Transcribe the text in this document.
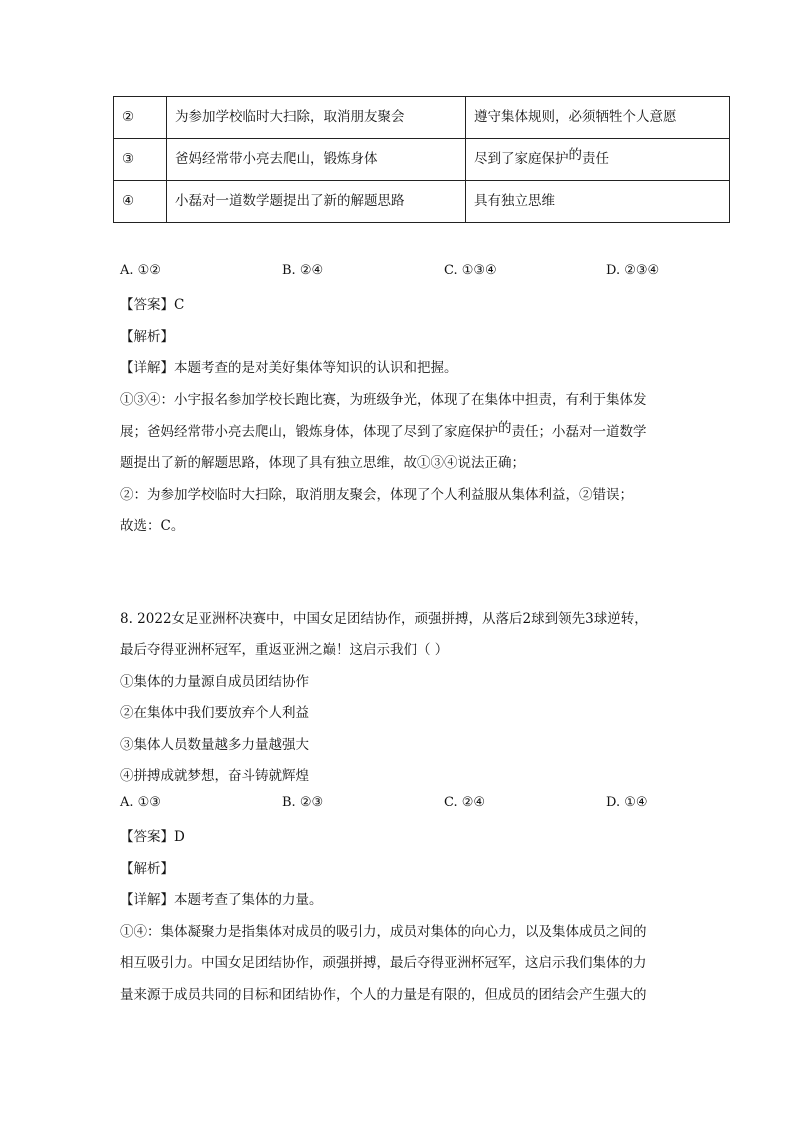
②	为参加学校临时大扫除，取消朋友聚会	遵守集体规则，必须牺牲个人意愿
③	爸妈经常带小亮去爬山，锻炼身体	尽到了家庭保护的责任
④	小磊对一道数学题提出了新的解题思路	具有独立思维
A. ①②	B. ②④	C. ①③④	D. ②③④
【答案】C
【解析】
【详解】本题考查的是对美好集体等知识的认识和把握。
①③④：小宇报名参加学校长跑比赛，为班级争光，体现了在集体中担责，有利于集体发
展；爸妈经常带小亮去爬山，锻炼身体，体现了尽到了家庭保护的责任；小磊对一道数学
题提出了新的解题思路，体现了具有独立思维，故①③④说法正确；
②：为参加学校临时大扫除，取消朋友聚会，体现了个人利益服从集体利益，②错误；
故选：C。
8. 2022女足亚洲杯决赛中，中国女足团结协作，顽强拼搏，从落后2球到领先3球逆转，
最后夺得亚洲杯冠军，重返亚洲之巅！这启示我们（ ）
①集体的力量源自成员团结协作
②在集体中我们要放弃个人利益
③集体人员数量越多力量越强大
④拼搏成就梦想，奋斗铸就辉煌
A. ①③	B. ②③	C. ②④	D. ①④
【答案】D
【解析】
【详解】本题考查了集体的力量。
①④：集体凝聚力是指集体对成员的吸引力，成员对集体的向心力，以及集体成员之间的
相互吸引力。中国女足团结协作，顽强拼搏，最后夺得亚洲杯冠军，这启示我们集体的力
量来源于成员共同的目标和团结协作，个人的力量是有限的，但成员的团结会产生强大的
